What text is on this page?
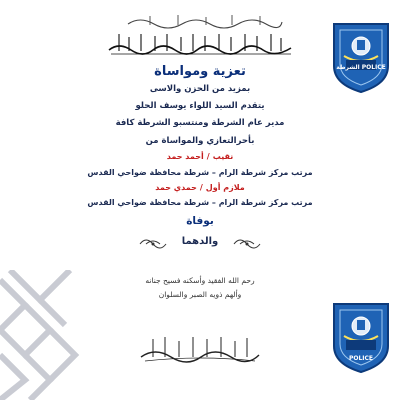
الشرطة POLICE
POLICE
تعزية ومواساة
بمزيد من الحزن والاسى
يتقدم السيد اللواء يوسف الحلو
مدير عام الشرطة ومنتسبو الشرطة كافة
بأحرالتعازي والمواساة من
نقيب/أحمد حمد
مرتب مركز شرطة الرام – شرطة محافظة ضواحي القدس
ملازم أول/حمدي حمد
مرتب مركز شرطة الرام – شرطة محافظة ضواحي القدس
بوفاة
والدهما
رحم الله الفقيد وأسكنه فسيح جنانه
وألهم ذويه الصبر والسلوان
